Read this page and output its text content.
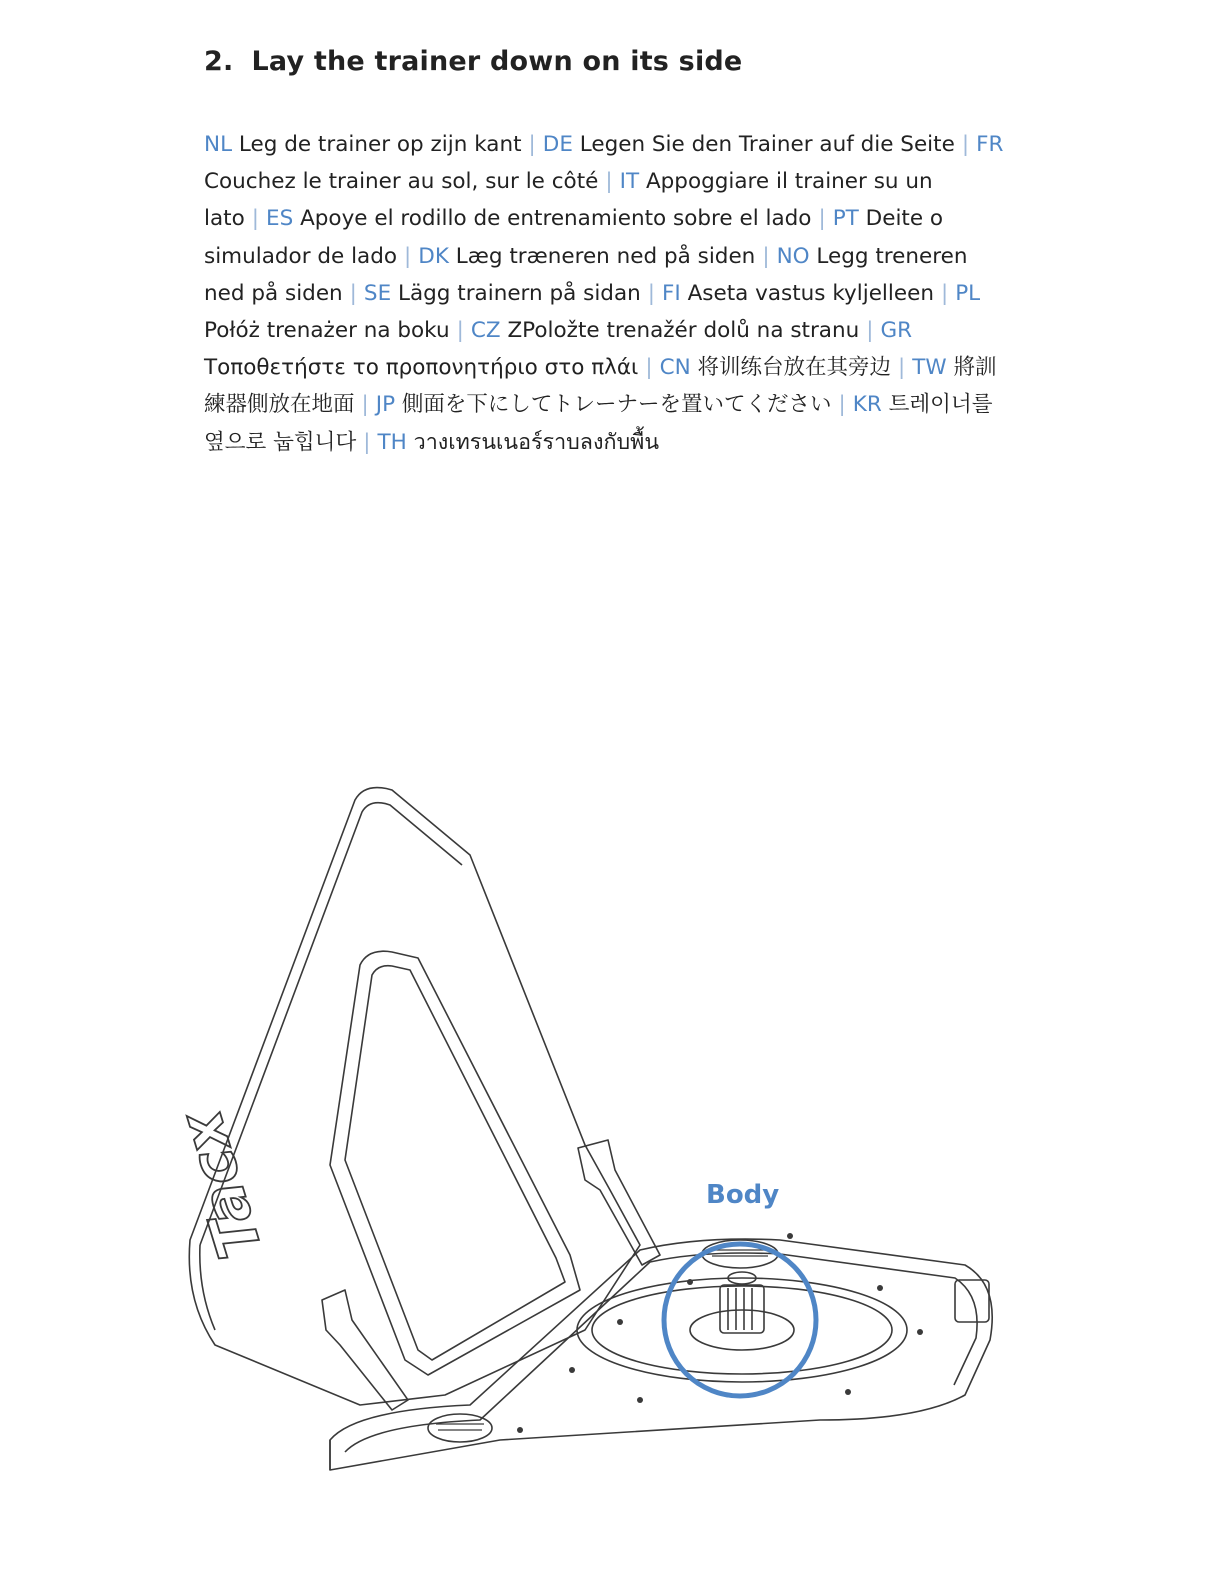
2. Lay the trainer down on its side

NL Leg de trainer op zijn kant | DE Legen Sie den Trainer auf die Seite | FR Couchez le trainer au sol, sur le côté | IT Appoggiare il trainer su un lato | ES Apoye el rodillo de entrenamiento sobre el lado | PT Deite o simulador de lado | DK Læg træneren ned på siden | NO Legg treneren ned på siden | SE Lägg trainern på sidan | FI Aseta vastus kyljelleen | PL Połóż trenażer na boku | CZ ZPoložte trenažér dolů na stranu | GR Τοποθετήστε το προπονητήριο στο πλάι | CN 将训练台放在其旁边 | TW 將訓練器側放在地面 | JP 側面を下にしてトレーナーを置いてください | KR 트레이너를 옆으로 눕힙니다 | TH วางเทรนเนอร์ราบลงกับพื้น

Tacx	Body
